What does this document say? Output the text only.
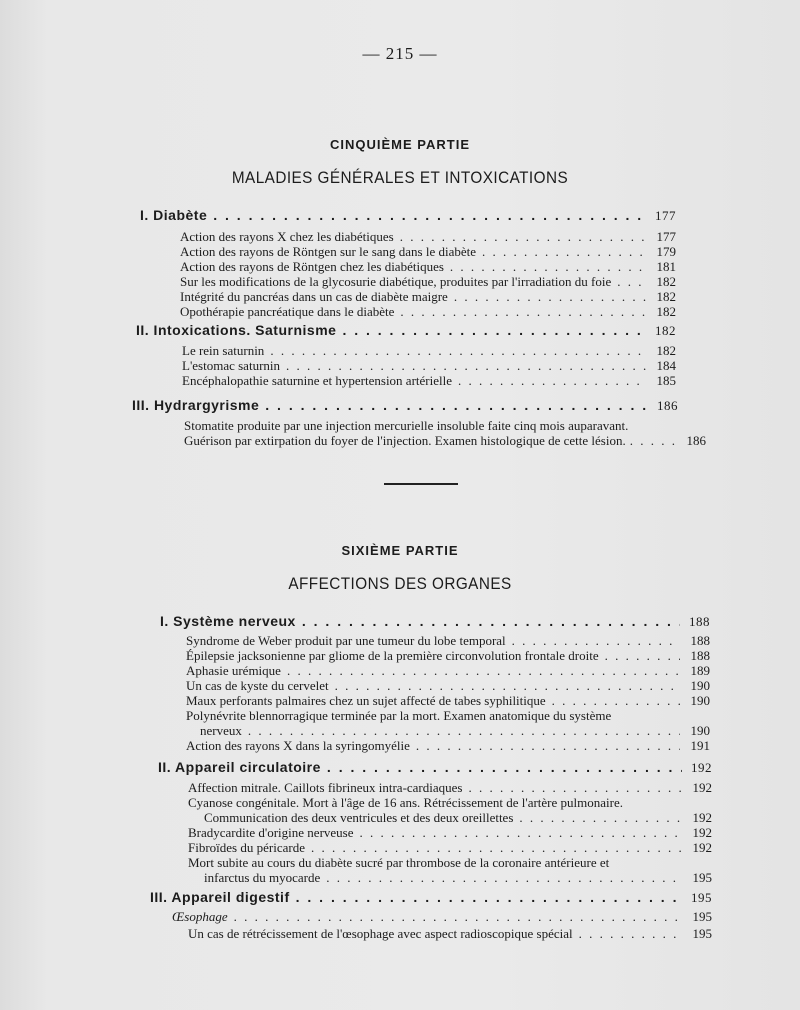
— 215 —
CINQUIÈME PARTIE
MALADIES GÉNÉRALES ET INTOXICATIONS
I. Diabète . . .	177
Action des rayons X chez les diabétiques . . .	177
Action des rayons de Röntgen sur le sang dans le diabète . . .	179
Action des rayons de Röntgen chez les diabétiques . . .	181
Sur les modifications de la glycosurie diabétique, produites par l'irradiation du foie . . .	182
Intégrité du pancréas dans un cas de diabète maigre . . .	182
Opothérapie pancréatique dans le diabète . . .	182
II. Intoxications. Saturnisme . . .	182
Le rein saturnin . . .	182
L'estomac saturnin . . .	184
Encéphalopathie saturnine et hypertension artérielle . . .	185
III. Hydrargyrisme . . .	186
Stomatite produite par une injection mercurielle insoluble faite cinq mois auparavant.
Guérison par extirpation du foyer de l'injection. Examen histologique de cette lésion. . . .	186
SIXIÈME PARTIE
AFFECTIONS DES ORGANES
I. Système nerveux . . .	188
Syndrome de Weber produit par une tumeur du lobe temporal . . .	188
Épilepsie jacksonienne par gliome de la première circonvolution frontale droite . . .	188
Aphasie urémique . . .	189
Un cas de kyste du cervelet . . .	190
Maux perforants palmaires chez un sujet affecté de tabes syphilitique . . .	190
Polynévrite blennorragique terminée par la mort. Examen anatomique du système
nerveux . . .	190
Action des rayons X dans la syringomyélie . . .	191
II. Appareil circulatoire . . .	192
Affection mitrale. Caillots fibrineux intra-cardiaques . . .	192
Cyanose congénitale. Mort à l'âge de 16 ans. Rétrécissement de l'artère pulmonaire.
Communication des deux ventricules et des deux oreillettes . . .	192
Bradycardite d'origine nerveuse . . .	192
Fibroïdes du péricarde . . .	192
Mort subite au cours du diabète sucré par thrombose de la coronaire antérieure et
infarctus du myocarde . . .	195
III. Appareil digestif . . .	195
Œsophage . . .	195
Un cas de rétrécissement de l'œsophage avec aspect radioscopique spécial . . .	195
